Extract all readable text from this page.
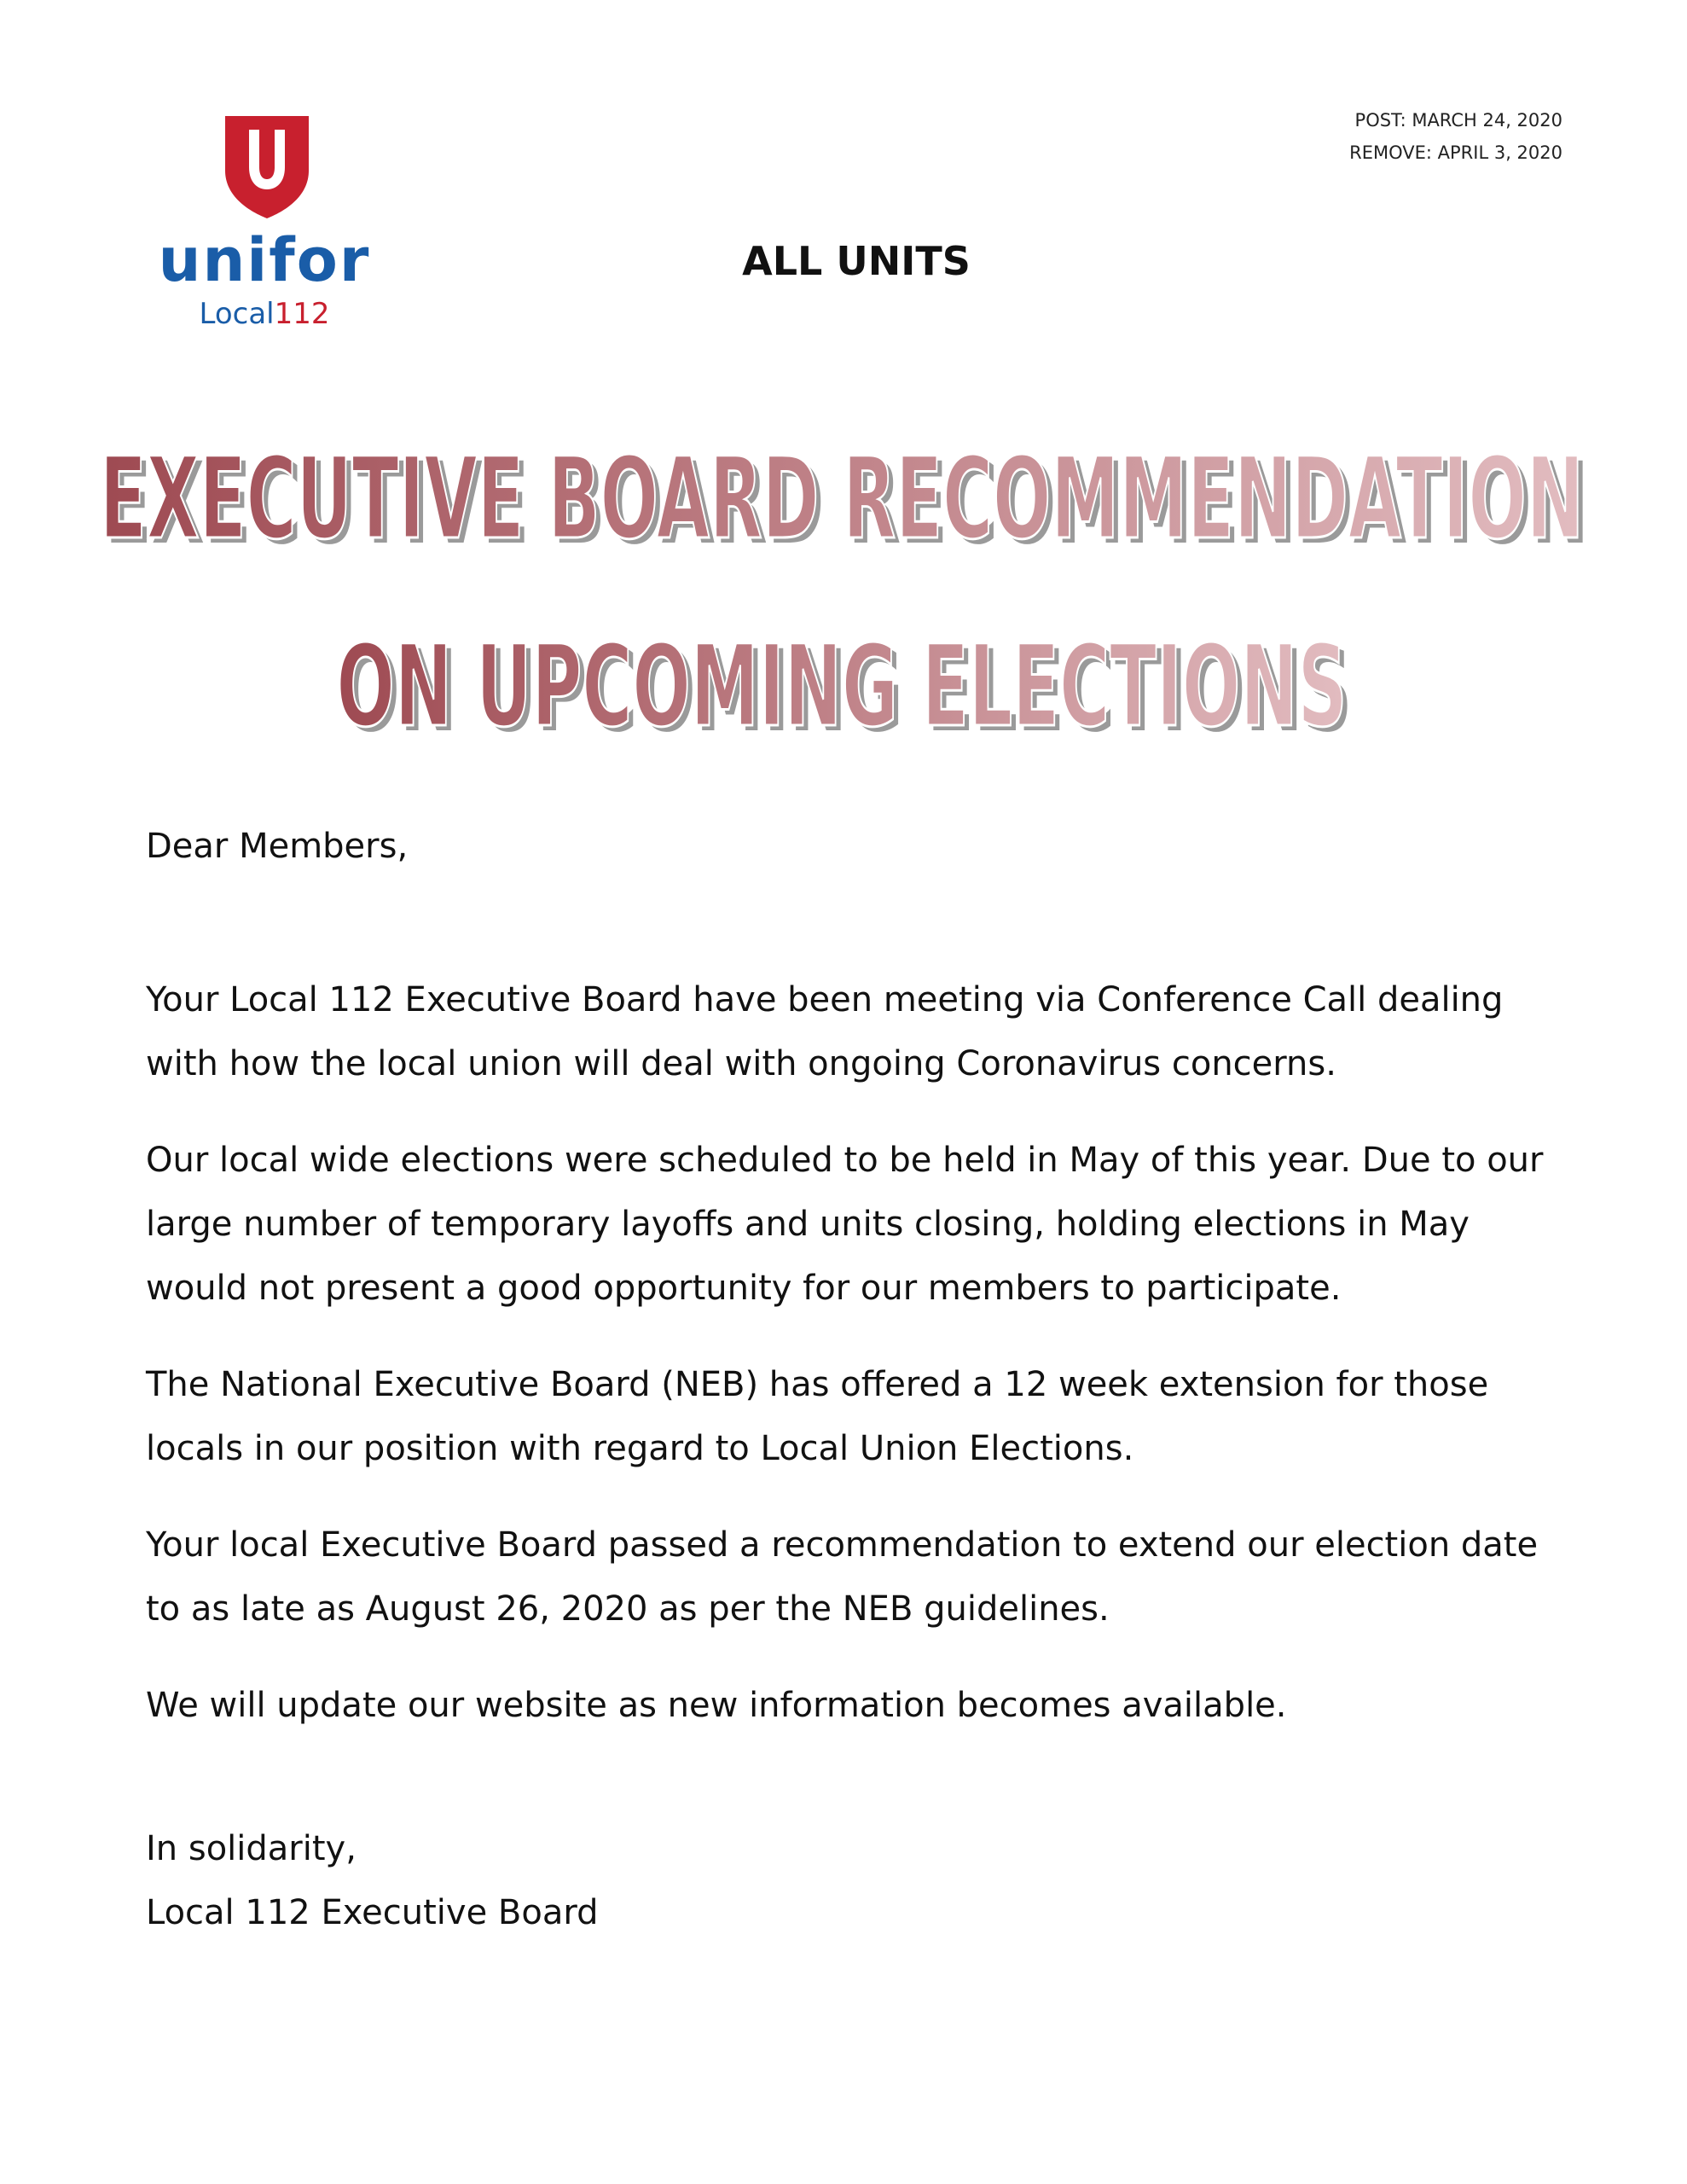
unifor
Local112
POST: MARCH 24, 2020
REMOVE: APRIL 3, 2020
ALL UNITS
EXECUTIVE BOARD RECOMMENDATION
ON UPCOMING ELECTIONS
EXECUTIVE BOARD RECOMMENDATION
ON UPCOMING ELECTIONS

Dear Members,

Your Local 112 Executive Board have been meeting via Conference Call dealing with how the local union will deal with ongoing Coronavirus concerns.

Our local wide elections were scheduled to be held in May of this year. Due to our large number of temporary layoffs and units closing, holding elections in May would not present a good opportunity for our members to participate.

The National Executive Board (NEB) has offered a 12 week extension for those locals in our position with regard to Local Union Elections.

Your local Executive Board passed a recommendation to extend our election date to as late as August 26, 2020 as per the NEB guidelines.

We will update our website as new information becomes available.

In solidarity,

Local 112 Executive Board
